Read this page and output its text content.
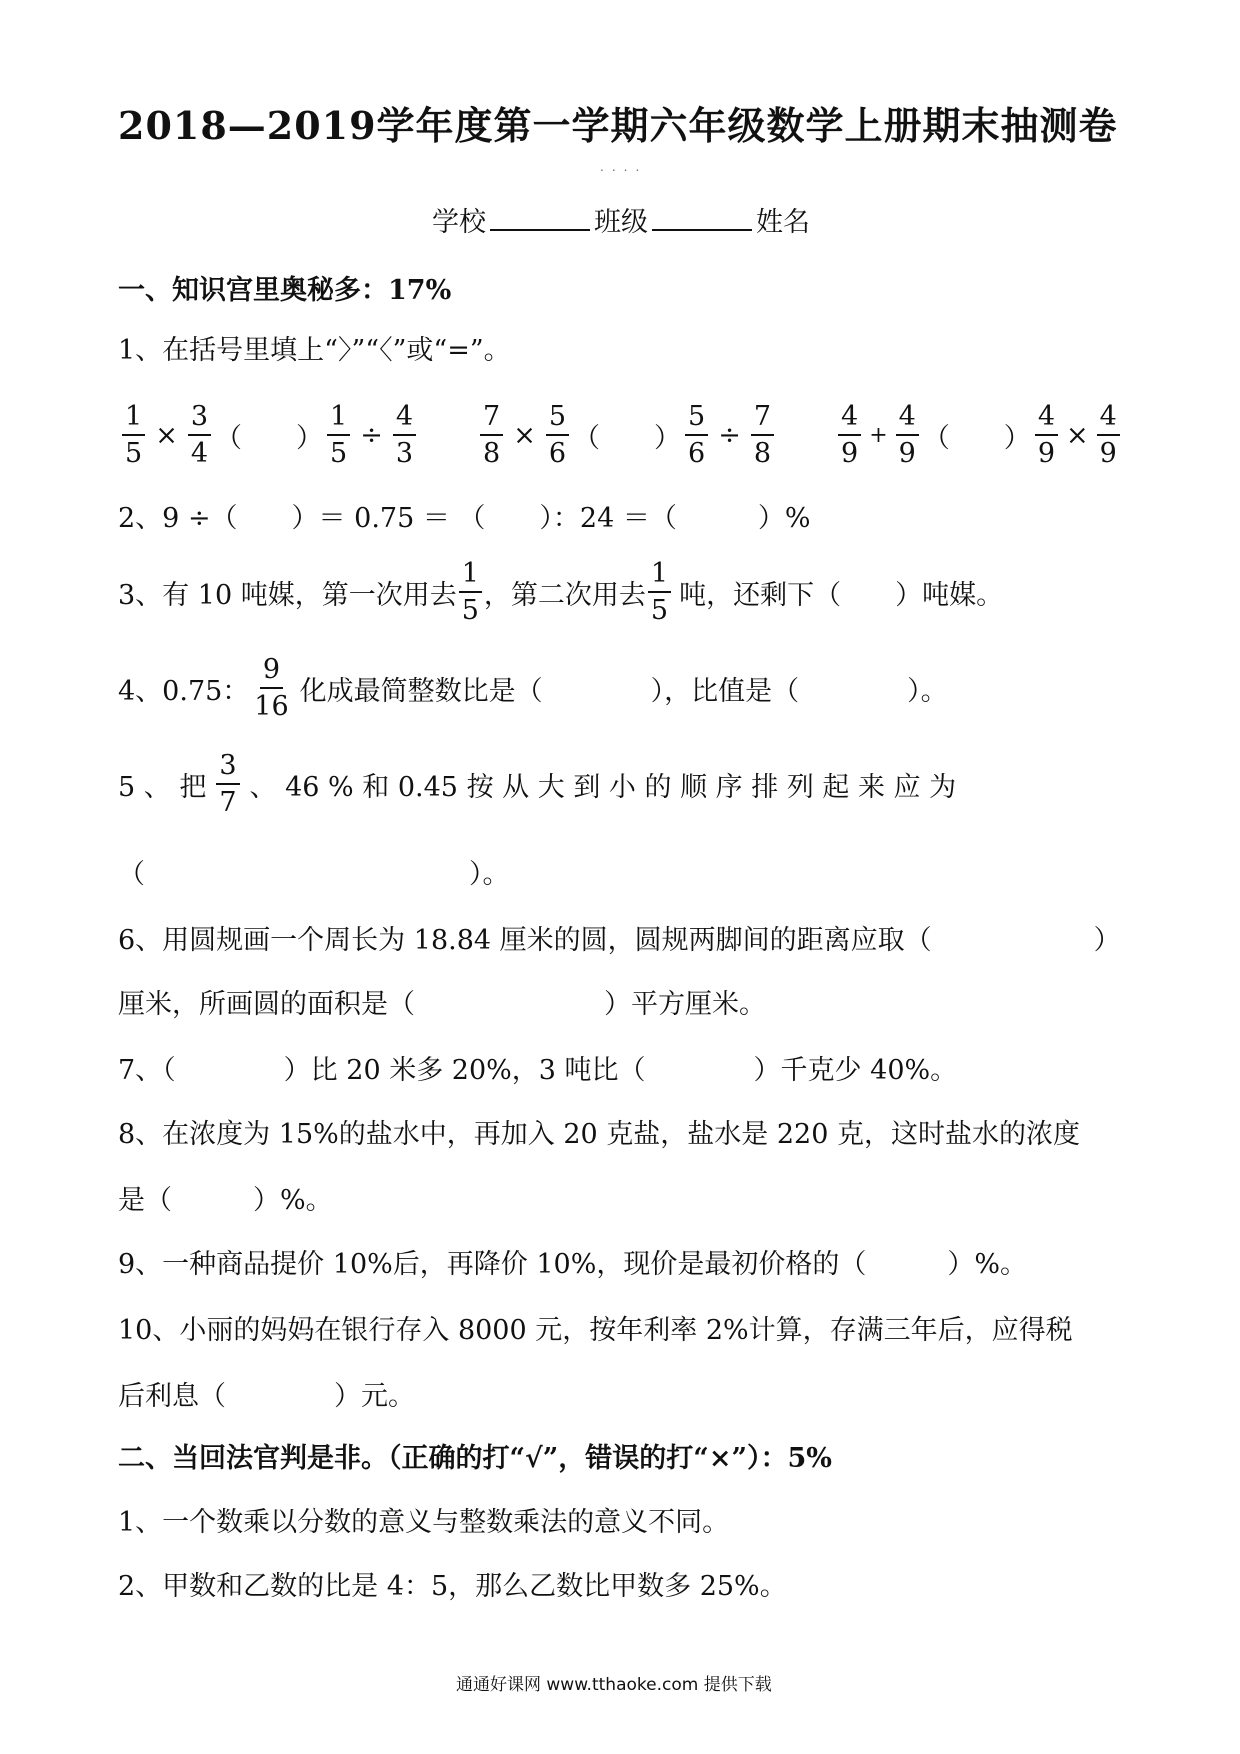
2018—2019学年度第一学期六年级数学上册期末抽测卷
....
学校	班级	姓名
一、知识宫里奥秘多：17%
1、在括号里填上“〉”“〈”或“=”。
$\frac{1}{5} \times \frac{3}{4}$ （　　） $\frac{1}{5} \div \frac{4}{3} \frac{7}{8} \times \frac{5}{6}$ （　　） $\frac{5}{6} \div \frac{7}{8} \frac{4}{9} + \frac{4}{9}$ （　　） $\frac{4}{9} \times \frac{4}{9}$
2、9 ÷（　　）＝ 0.75 ＝ （　　）：24 ＝（　　　）%
3、有 10 吨媒，第一次用去 $\frac{1}{5}$ ，第二次用去 $\frac{1}{5}$ 吨，还剩下（　　）吨媒。
4、0.75： $\frac{9}{16}$ 化成最简整数比是（　　　　），比值是（　　　　）。
5 、 把 $\frac{3}{7}$ 、 46 % 和 0.45 按 从 大 到 小 的 顺 序 排 列 起 来 应 为
（　　　　　　　　　　　　）。
6、用圆规画一个周长为 18.84 厘米的圆，圆规两脚间的距离应取（　　　　　　）
厘米，所画圆的面积是（　　　　　　　）平方厘米。
7、（　　　　）比 20 米多 20%，3 吨比（　　　　）千克少 40%。
8、在浓度为 15%的盐水中，再加入 20 克盐，盐水是 220 克，这时盐水的浓度
是（　　　）%。
9、一种商品提价 10%后，再降价 10%，现价是最初价格的（　　　）%。
10、小丽的妈妈在银行存入 8000 元，按年利率 2%计算，存满三年后，应得税
后利息（　　　　）元。
二、当回法官判是非。（正确的打“√”，错误的打“×”）：5%
1、一个数乘以分数的意义与整数乘法的意义不同。
2、甲数和乙数的比是 4：5，那么乙数比甲数多 25%。
通通好课网 www.tthaoke.com 提供下载
